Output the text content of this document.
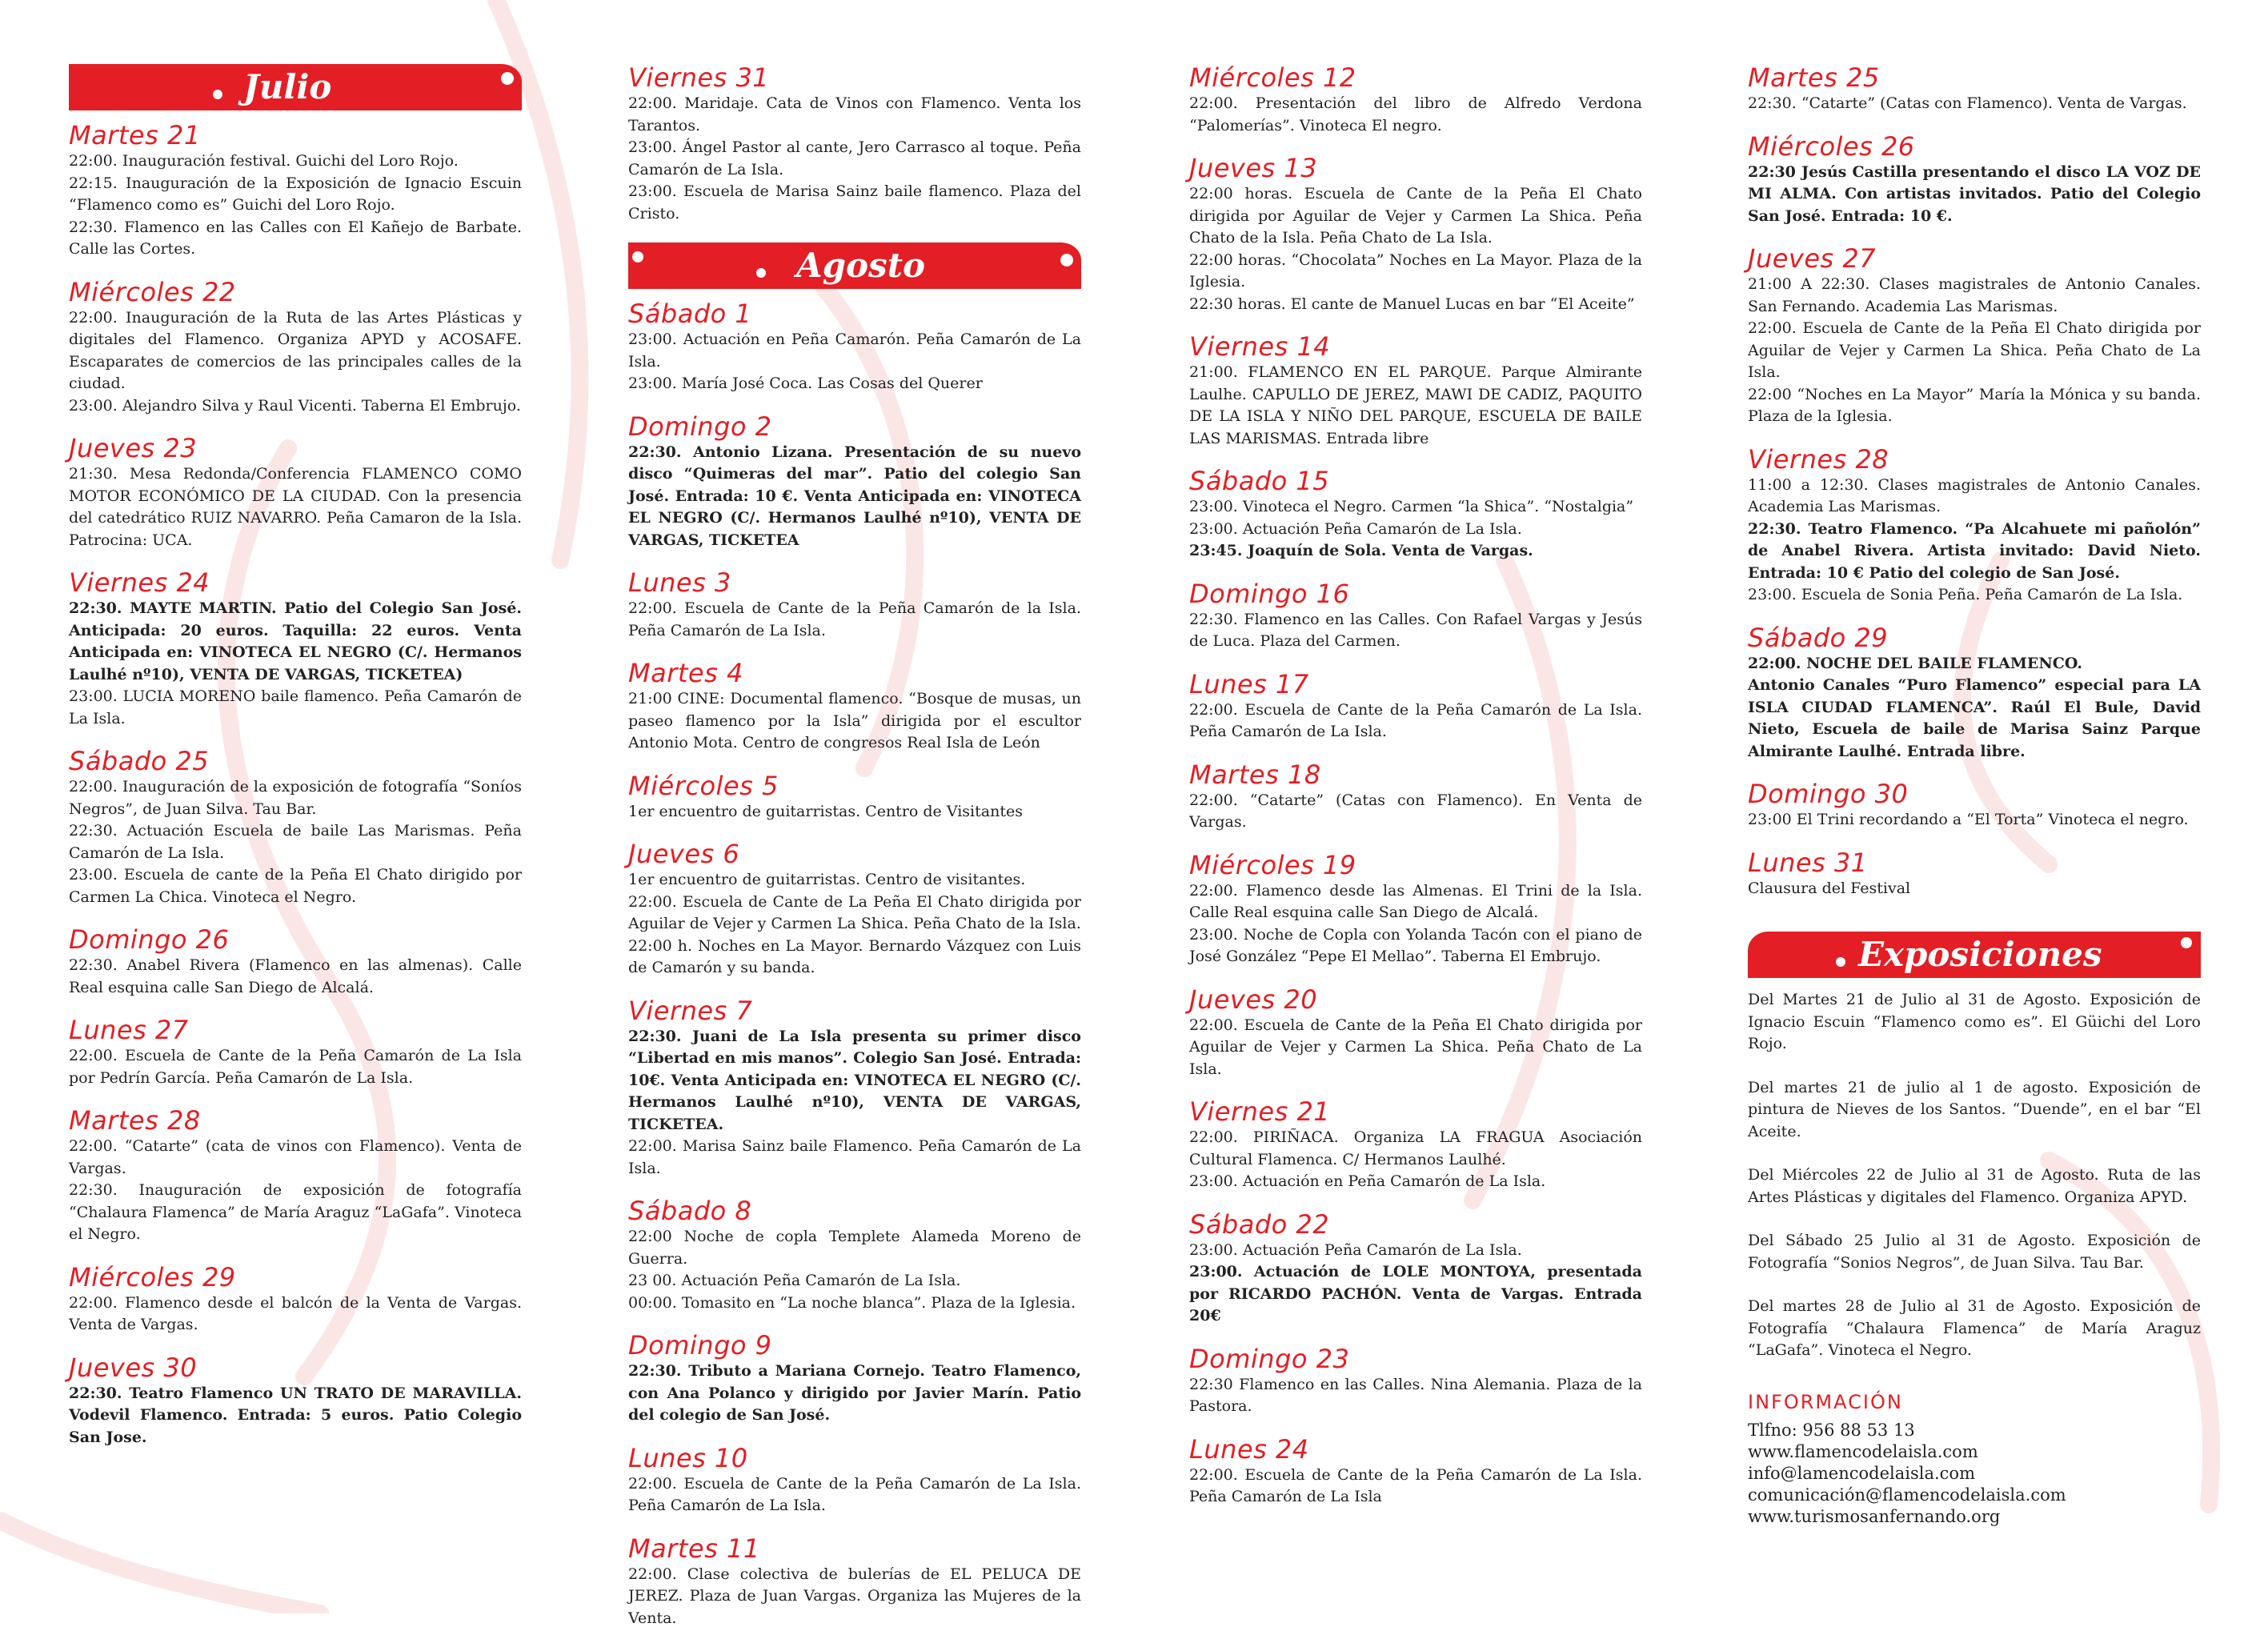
Julio
Martes 21
22:00. Inauguración festival. Guichi del Loro Rojo.
22:15. Inauguración de la Exposición de Ignacio Escuin “Flamenco como es” Guichi del Loro Rojo.
22:30. Flamenco en las Calles con El Kañejo de Barbate. Calle las Cortes.
Miércoles 22
22:00. Inauguración de la Ruta de las Artes Plásticas y digitales del Flamenco. Organiza APYD y ACOSAFE. Escaparates de comercios de las principales calles de la ciudad.
23:00. Alejandro Silva y Raul Vicenti. Taberna El Embrujo.
Jueves 23
21:30. Mesa Redonda/Conferencia FLAMENCO COMO MOTOR ECONÓMICO DE LA CIUDAD. Con la presencia del catedrático RUIZ NAVARRO. Peña Camaron de la Isla. Patrocina: UCA.
Viernes 24
22:30. MAYTE MARTIN. Patio del Colegio San José. Anticipada: 20 euros. Taquilla: 22 euros. Venta Anticipada en: VINOTECA EL NEGRO (C/. Hermanos Laulhé nº10), VENTA DE VARGAS, TICKETEA)
23:00. LUCIA MORENO baile flamenco. Peña Camarón de La Isla.
Sábado 25
22:00. Inauguración de la exposición de fotografía “Soníos Negros”, de Juan Silva. Tau Bar.
22:30. Actuación Escuela de baile Las Marismas. Peña Camarón de La Isla.
23:00. Escuela de cante de la Peña El Chato dirigido por Carmen La Chica. Vinoteca el Negro.
Domingo 26
22:30. Anabel Rivera (Flamenco en las almenas). Calle Real esquina calle San Diego de Alcalá.
Lunes 27
22:00. Escuela de Cante de la Peña Camarón de La Isla por Pedrín García. Peña Camarón de La Isla.
Martes 28
22:00. “Catarte” (cata de vinos con Flamenco). Venta de Vargas.
22:30. Inauguración de exposición de fotografía “Chalaura Flamenca” de María Araguz “LaGafa”. Vinoteca el Negro.
Miércoles 29
22:00. Flamenco desde el balcón de la Venta de Vargas. Venta de Vargas.
Jueves 30
22:30. Teatro Flamenco UN TRATO DE MARAVILLA. Vodevil Flamenco. Entrada: 5 euros. Patio Colegio San Jose.
Viernes 31
22:00. Maridaje. Cata de Vinos con Flamenco. Venta los Tarantos.
23:00. Ángel Pastor al cante, Jero Carrasco al toque. Peña Camarón de La Isla.
23:00. Escuela de Marisa Sainz baile flamenco. Plaza del Cristo.
Agosto
Sábado 1
23:00. Actuación en Peña Camarón. Peña Camarón de La Isla.
23:00. María José Coca. Las Cosas del Querer
Domingo 2
22:30. Antonio Lizana. Presentación de su nuevo disco “Quimeras del mar”. Patio del colegio San José. Entrada: 10 €. Venta Anticipada en: VINOTECA EL NEGRO (C/. Hermanos Laulhé nº10), VENTA DE VARGAS, TICKETEA
Lunes 3
22:00. Escuela de Cante de la Peña Camarón de la Isla. Peña Camarón de La Isla.
Martes 4
21:00 CINE: Documental flamenco. “Bosque de musas, un paseo flamenco por la Isla” dirigida por el escultor Antonio Mota. Centro de congresos Real Isla de León
Miércoles 5
1er encuentro de guitarristas. Centro de Visitantes
Jueves 6
1er encuentro de guitarristas. Centro de visitantes.
22:00. Escuela de Cante de La Peña El Chato dirigida por Aguilar de Vejer y Carmen La Shica. Peña Chato de la Isla.
22:00 h. Noches en La Mayor. Bernardo Vázquez con Luis de Camarón y su banda.
Viernes 7
22:30. Juani de La Isla presenta su primer disco “Libertad en mis manos”. Colegio San José. Entrada: 10€. Venta Anticipada en: VINOTECA EL NEGRO (C/. Hermanos Laulhé nº10), VENTA DE VARGAS, TICKETEA.
22:00. Marisa Sainz baile Flamenco. Peña Camarón de La Isla.
Sábado 8
22:00 Noche de copla Templete Alameda Moreno de Guerra.
23 00. Actuación Peña Camarón de La Isla.
00:00. Tomasito en “La noche blanca”. Plaza de la Iglesia.
Domingo 9
22:30. Tributo a Mariana Cornejo. Teatro Flamenco, con Ana Polanco y dirigido por Javier Marín. Patio del colegio de San José.
Lunes 10
22:00. Escuela de Cante de la Peña Camarón de La Isla. Peña Camarón de La Isla.
Martes 11
22:00. Clase colectiva de bulerías de EL PELUCA DE JEREZ. Plaza de Juan Vargas. Organiza las Mujeres de la Venta.
Miércoles 12
22:00. Presentación del libro de Alfredo Verdona “Palomerías”. Vinoteca El negro.
Jueves 13
22:00 horas. Escuela de Cante de la Peña El Chato dirigida por Aguilar de Vejer y Carmen La Shica. Peña Chato de la Isla. Peña Chato de La Isla.
22:00 horas. “Chocolata” Noches en La Mayor. Plaza de la Iglesia.
22:30 horas. El cante de Manuel Lucas en bar “El Aceite”
Viernes 14
21:00. FLAMENCO EN EL PARQUE. Parque Almirante Laulhe. CAPULLO DE JEREZ, MAWI DE CADIZ, PAQUITO DE LA ISLA Y NIÑO DEL PARQUE, ESCUELA DE BAILE LAS MARISMAS. Entrada libre
Sábado 15
23:00. Vinoteca el Negro. Carmen “la Shica”. “Nostalgia”
23:00. Actuación Peña Camarón de La Isla.
23:45. Joaquín de Sola. Venta de Vargas.
Domingo 16
22:30. Flamenco en las Calles. Con Rafael Vargas y Jesús de Luca. Plaza del Carmen.
Lunes 17
22:00. Escuela de Cante de la Peña Camarón de La Isla. Peña Camarón de La Isla.
Martes 18
22:00. “Catarte” (Catas con Flamenco). En Venta de Vargas.
Miércoles 19
22:00. Flamenco desde las Almenas. El Trini de la Isla. Calle Real esquina calle San Diego de Alcalá.
23:00. Noche de Copla con Yolanda Tacón con el piano de José González “Pepe El Mellao”. Taberna El Embrujo.
Jueves 20
22:00. Escuela de Cante de la Peña El Chato dirigida por Aguilar de Vejer y Carmen La Shica. Peña Chato de La Isla.
Viernes 21
22:00. PIRIÑACA. Organiza LA FRAGUA Asociación Cultural Flamenca. C/ Hermanos Laulhé.
23:00. Actuación en Peña Camarón de La Isla.
Sábado 22
23:00. Actuación Peña Camarón de La Isla.
23:00. Actuación de LOLE MONTOYA, presentada por RICARDO PACHÓN. Venta de Vargas. Entrada 20€
Domingo 23
22:30 Flamenco en las Calles. Nina Alemania. Plaza de la Pastora.
Lunes 24
22:00. Escuela de Cante de la Peña Camarón de La Isla. Peña Camarón de La Isla
Martes 25
22:30. “Catarte” (Catas con Flamenco). Venta de Vargas.
Miércoles 26
22:30 Jesús Castilla presentando el disco LA VOZ DE MI ALMA. Con artistas invitados. Patio del Colegio San José. Entrada: 10 €.
Jueves 27
21:00 A 22:30. Clases magistrales de Antonio Canales. San Fernando. Academia Las Marismas.
22:00. Escuela de Cante de la Peña El Chato dirigida por Aguilar de Vejer y Carmen La Shica. Peña Chato de La Isla.
22:00 “Noches en La Mayor” María la Mónica y su banda. Plaza de la Iglesia.
Viernes 28
11:00 a 12:30. Clases magistrales de Antonio Canales. Academia Las Marismas.
22:30. Teatro Flamenco. “Pa Alcahuete mi pañolón” de Anabel Rivera. Artista invitado: David Nieto. Entrada: 10 € Patio del colegio de San José.
23:00. Escuela de Sonia Peña. Peña Camarón de La Isla.
Sábado 29
22:00. NOCHE DEL BAILE FLAMENCO.
Antonio Canales “Puro Flamenco” especial para LA ISLA CIUDAD FLAMENCA”. Raúl El Bule, David Nieto, Escuela de baile de Marisa Sainz Parque Almirante Laulhé. Entrada libre.
Domingo 30
23:00 El Trini recordando a “El Torta” Vinoteca el negro.
Lunes 31
Clausura del Festival
Exposiciones
Del Martes 21 de Julio al 31 de Agosto. Exposición de Ignacio Escuin “Flamenco como es”. El Güichi del Loro Rojo.
Del martes 21 de julio al 1 de agosto. Exposición de pintura de Nieves de los Santos. “Duende”, en el bar “El Aceite.
Del Miércoles 22 de Julio al 31 de Agosto. Ruta de las Artes Plásticas y digitales del Flamenco. Organiza APYD.
Del Sábado 25 Julio al 31 de Agosto. Exposición de Fotografía “Sonios Negros”, de Juan Silva. Tau Bar.
Del martes 28 de Julio al 31 de Agosto. Exposición de Fotografía “Chalaura Flamenca” de María Araguz “LaGafa”. Vinoteca el Negro.
INFORMACIÓN
Tlfno: 956 88 53 13
www.flamencodelaisla.com
info@lamencodelaisla.com
comunicación@flamencodelaisla.com
www.turismosanfernando.org
